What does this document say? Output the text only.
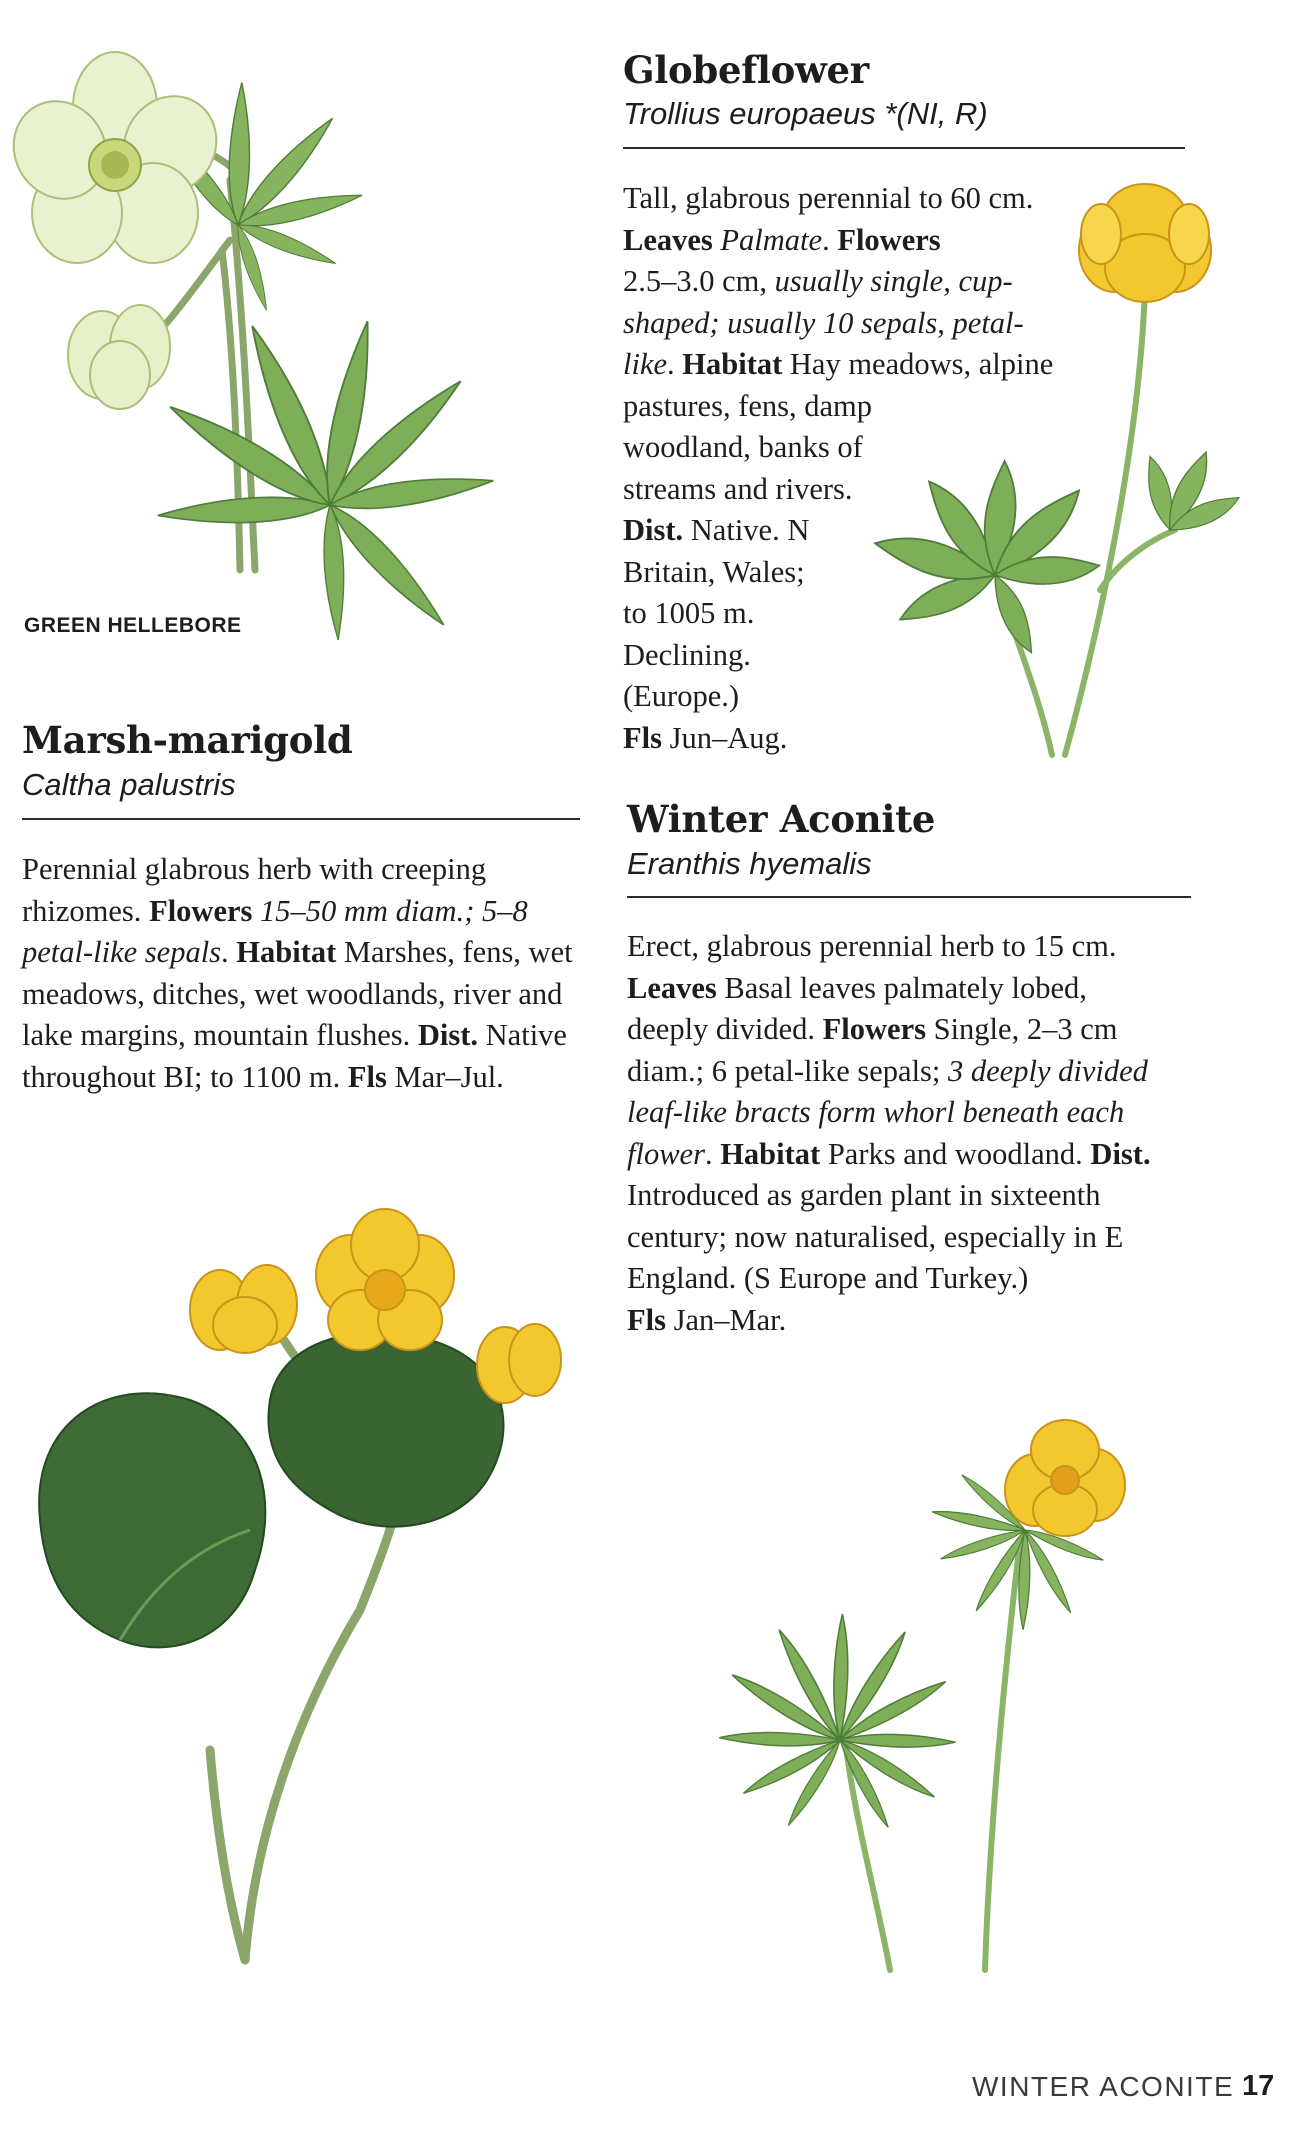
GREEN HELLEBORE
Globeflower
Trollius europaeus *(NI, R)
Tall, glabrous perennial to 60 cm.
Leaves Palmate. Flowers
2.5–3.0 cm, usually single, cup-
shaped; usually 10 sepals, petal-
like. Habitat Hay meadows, alpine
pastures, fens, damp
woodland, banks of
streams and rivers.
Dist. Native. N
Britain, Wales;
to 1005 m.
Declining.
(Europe.)
Fls Jun–Aug.
Marsh-marigold
Caltha palustris
Perennial glabrous herb with creeping
rhizomes. Flowers 15–50 mm diam.; 5–8
petal-like sepals. Habitat Marshes, fens, wet
meadows, ditches, wet woodlands, river and
lake margins, mountain flushes. Dist. Native
throughout BI; to 1100 m. Fls Mar–Jul.
Winter Aconite
Eranthis hyemalis
Erect, glabrous perennial herb to 15 cm.
Leaves Basal leaves palmately lobed,
deeply divided. Flowers Single, 2–3 cm
diam.; 6 petal-like sepals; 3 deeply divided
leaf-like bracts form whorl beneath each
flower. Habitat Parks and woodland. Dist.
Introduced as garden plant in sixteenth
century; now naturalised, especially in E
England. (S Europe and Turkey.)
Fls Jan–Mar.
WINTER ACONITE 17
